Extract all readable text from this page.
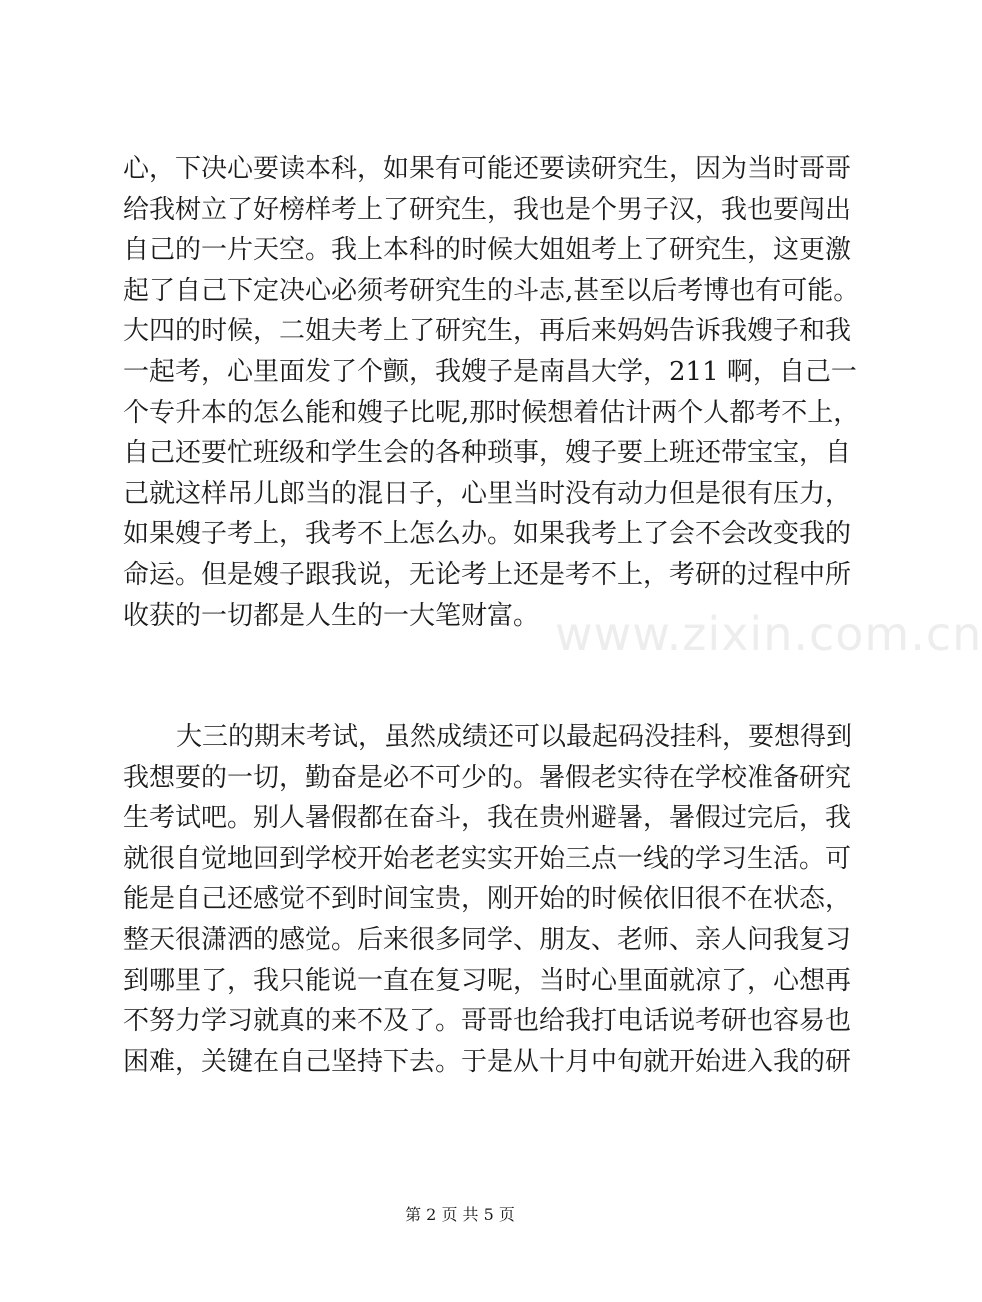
www.zixin.com.cn
心，下决心要读本科，如果有可能还要读研究生，因为当时哥哥
给我树立了好榜样考上了研究生，我也是个男子汉，我也要闯出
自己的一片天空。我上本科的时候大姐姐考上了研究生，这更激
起了自己下定决心必须考研究生的斗志,甚至以后考博也有可能。
大四的时候，二姐夫考上了研究生，再后来妈妈告诉我嫂子和我
一起考，心里面发了个颤，我嫂子是南昌大学，211 啊，自己一
个专升本的怎么能和嫂子比呢,那时候想着估计两个人都考不上，
自己还要忙班级和学生会的各种琐事，嫂子要上班还带宝宝，自
己就这样吊儿郎当的混日子，心里当时没有动力但是很有压力，
如果嫂子考上，我考不上怎么办。如果我考上了会不会改变我的
命运。但是嫂子跟我说，无论考上还是考不上，考研的过程中所
收获的一切都是人生的一大笔财富。
大三的期末考试，虽然成绩还可以最起码没挂科，要想得到
我想要的一切，勤奋是必不可少的。暑假老实待在学校准备研究
生考试吧。别人暑假都在奋斗，我在贵州避暑，暑假过完后，我
就很自觉地回到学校开始老老实实开始三点一线的学习生活。可
能是自己还感觉不到时间宝贵，刚开始的时候依旧很不在状态，
整天很潇洒的感觉。后来很多同学、朋友、老师、亲人问我复习
到哪里了，我只能说一直在复习呢，当时心里面就凉了，心想再
不努力学习就真的来不及了。哥哥也给我打电话说考研也容易也
困难，关键在自己坚持下去。于是从十月中旬就开始进入我的研
第 2 页 共 5 页
